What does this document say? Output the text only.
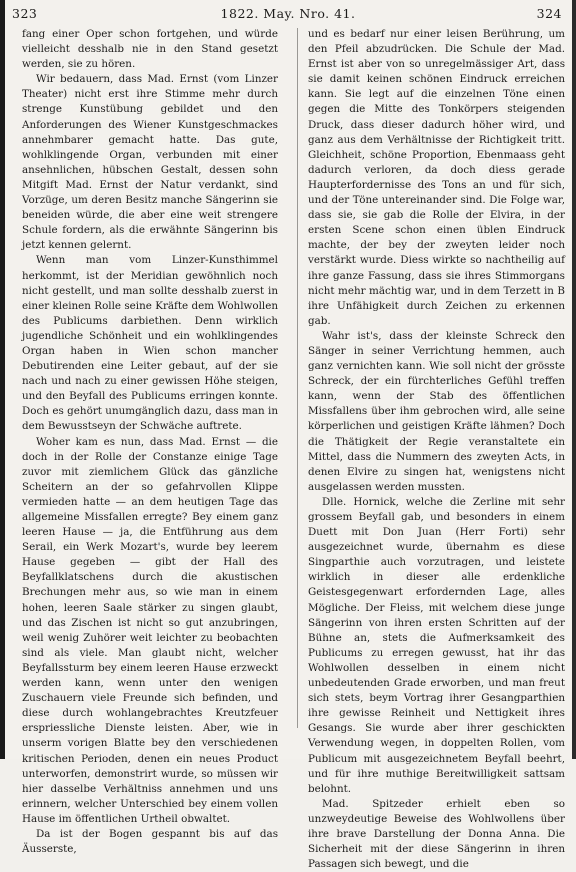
323	1822. May. Nro. 41.	324

fang einer Oper schon fortgehen, und würde vielleicht desshalb nie in den Stand gesetzt werden, sie zu hören.

Wir bedauern, dass Mad. Ernst (vom Linzer Theater) nicht erst ihre Stimme mehr durch strenge Kunstübung gebildet und den Anforderungen des Wiener Kunstgeschmackes annehmbarer gemacht hatte. Das gute, wohlklingende Organ, verbunden mit einer ansehnlichen, hübschen Gestalt, dessen sohn Mitgift Mad. Ernst der Natur verdankt, sind Vorzüge, um deren Besitz manche Sängerinn sie beneiden würde, die aber eine weit strengere Schule fordern, als die erwähnte Sängerinn bis jetzt kennen gelernt.

Wenn man vom Linzer-Kunsthimmel herkommt, ist der Meridian gewöhnlich noch nicht gestellt, und man sollte desshalb zuerst in einer kleinen Rolle seine Kräfte dem Wohlwollen des Publicums darbiethen. Denn wirklich jugendliche Schönheit und ein wohlklingendes Organ haben in Wien schon mancher Debutirenden eine Leiter gebaut, auf der sie nach und nach zu einer gewissen Höhe steigen, und den Beyfall des Publicums erringen konnte. Doch es gehört unumgänglich dazu, dass man in dem Bewusstseyn der Schwäche auftrete.

Woher kam es nun, dass Mad. Ernst — die doch in der Rolle der Constanze einige Tage zuvor mit ziemlichem Glück das gänzliche Scheitern an der so gefahrvollen Klippe vermieden hatte — an dem heutigen Tage das allgemeine Missfallen erregte? Bey einem ganz leeren Hause — ja, die Entführung aus dem Serail, ein Werk Mozart's, wurde bey leerem Hause gegeben — gibt der Hall des Beyfallklatschens durch die akustischen Brechungen mehr aus, so wie man in einem hohen, leeren Saale stärker zu singen glaubt, und das Zischen ist nicht so gut anzubringen, weil wenig Zuhörer weit leichter zu beobachten sind als viele. Man glaubt nicht, welcher Beyfallssturm bey einem leeren Hause erzweckt werden kann, wenn unter den wenigen Zuschauern viele Freunde sich befinden, und diese durch wohlangebrachtes Kreutzfeuer erspriessliche Dienste leisten. Aber, wie in unserm vorigen Blatte bey den verschiedenen kritischen Perioden, denen ein neues Product unterworfen, demonstrirt wurde, so müssen wir hier dasselbe Verhältniss annehmen und uns erinnern, welcher Unterschied bey einem vollen Hause im öffentlichen Urtheil obwaltet.

Da ist der Bogen gespannt bis auf das Äusserste,

und es bedarf nur einer leisen Berührung, um den Pfeil abzudrücken. Die Schule der Mad. Ernst ist aber von so unregelmässiger Art, dass sie damit keinen schönen Eindruck erreichen kann. Sie legt auf die einzelnen Töne einen gegen die Mitte des Tonkörpers steigenden Druck, dass dieser dadurch höher wird, und ganz aus dem Verhältnisse der Richtigkeit tritt. Gleichheit, schöne Proportion, Ebenmaass geht dadurch verloren, da doch diess gerade Haupterfordernisse des Tons an und für sich, und der Töne untereinander sind. Die Folge war, dass sie, sie gab die Rolle der Elvira, in der ersten Scene schon einen üblen Eindruck machte, der bey der zweyten leider noch verstärkt wurde. Diess wirkte so nachtheilig auf ihre ganze Fassung, dass sie ihres Stimmorgans nicht mehr mächtig war, und in dem Terzett in B ihre Unfähigkeit durch Zeichen zu erkennen gab.

Wahr ist's, dass der kleinste Schreck den Sänger in seiner Verrichtung hemmen, auch ganz vernichten kann. Wie soll nicht der grösste Schreck, der ein fürchterliches Gefühl treffen kann, wenn der Stab des öffentlichen Missfallens über ihm gebrochen wird, alle seine körperlichen und geistigen Kräfte lähmen? Doch die Thätigkeit der Regie veranstaltete ein Mittel, dass die Nummern des zweyten Acts, in denen Elvire zu singen hat, wenigstens nicht ausgelassen werden mussten.

Dlle. Hornick, welche die Zerline mit sehr grossem Beyfall gab, und besonders in einem Duett mit Don Juan (Herr Forti) sehr ausgezeichnet wurde, übernahm es diese Singparthie auch vorzutragen, und leistete wirklich in dieser alle erdenkliche Geistesgegenwart erfordernden Lage, alles Mögliche. Der Fleiss, mit welchem diese junge Sängerinn von ihren ersten Schritten auf der Bühne an, stets die Aufmerksamkeit des Publicums zu erregen gewusst, hat ihr das Wohlwollen desselben in einem nicht unbedeutenden Grade erworben, und man freut sich stets, beym Vortrag ihrer Gesangparthien ihre gewisse Reinheit und Nettigkeit ihres Gesangs. Sie wurde aber ihrer geschickten Verwendung wegen, in doppelten Rollen, vom Publicum mit ausgezeichnetem Beyfall beehrt, und für ihre muthige Bereitwilligkeit sattsam belohnt.

Mad. Spitzeder erhielt eben so unzweydeutige Beweise des Wohlwollens über ihre brave Darstellung der Donna Anna. Die Sicherheit mit der diese Sängerinn in ihren Passagen sich bewegt, und die
